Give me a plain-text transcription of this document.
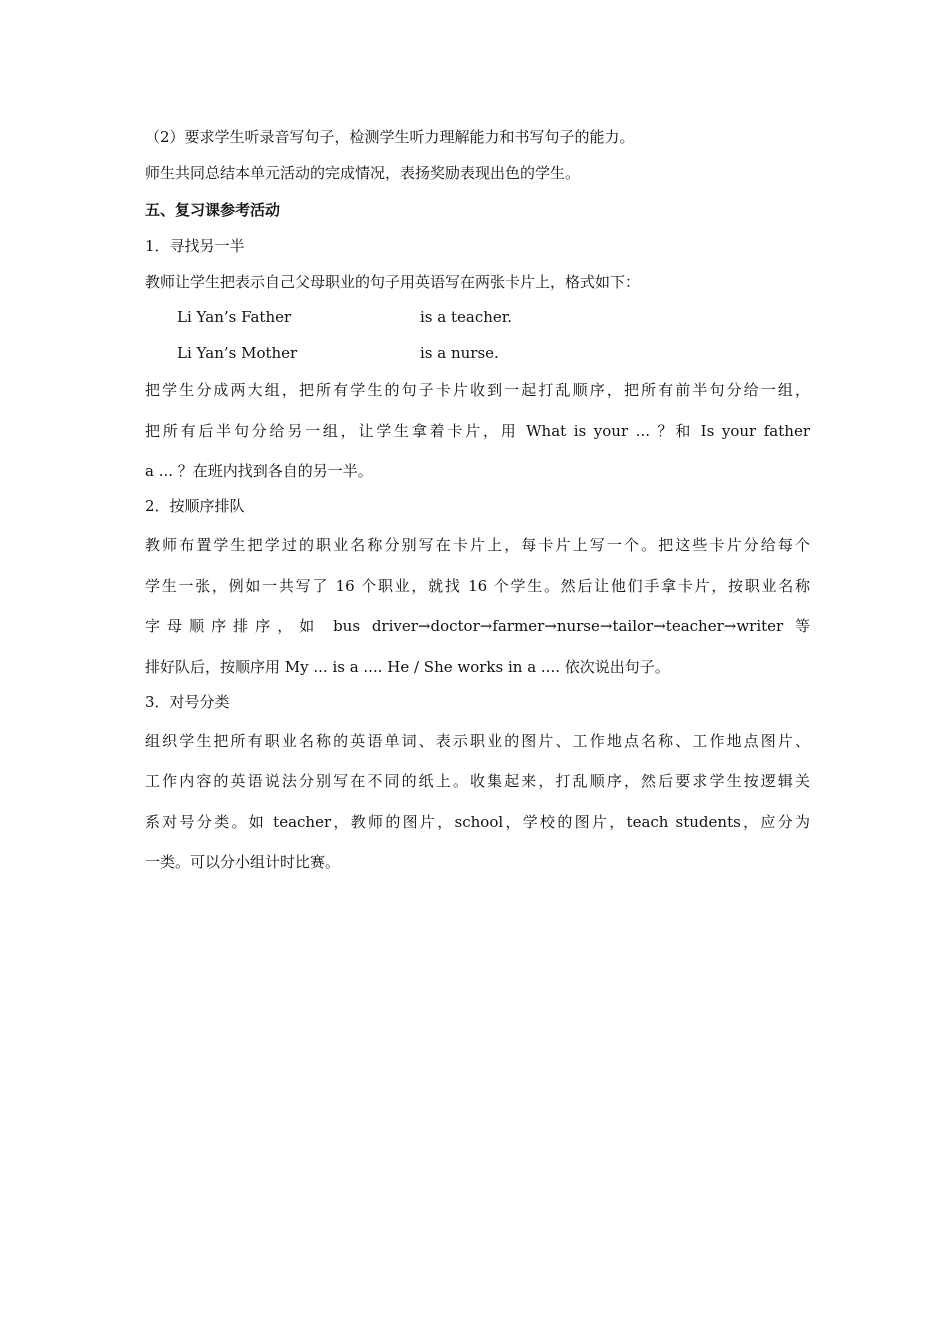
（2）要求学生听录音写句子，检测学生听力理解能力和书写句子的能力。
师生共同总结本单元活动的完成情况，表扬奖励表现出色的学生。
五、复习课参考活动
1．寻找另一半
教师让学生把表示自己父母职业的句子用英语写在两张卡片上，格式如下：
Li Yan’s Father	is a teacher.
Li Yan’s Mother	is a nurse.
把学生分成两大组，把所有学生的句子卡片收到一起打乱顺序，把所有前半句分给一组，
把所有后半句分给另一组，让学生拿着卡片，用 What is your ... ？和 Is your father
a ... ？在班内找到各自的另一半。
2．按顺序排队
教师布置学生把学过的职业名称分别写在卡片上，每卡片上写一个。把这些卡片分给每个
学生一张，例如一共写了 16 个职业，就找 16 个学生。然后让他们手拿卡片，按职业名称
字母顺序排序，如 bus driver→doctor→farmer→nurse→tailor→teacher→writer 等
排好队后，按顺序用 My ... is a .... He / She works in a .... 依次说出句子。
3．对号分类
组织学生把所有职业名称的英语单词、表示职业的图片、工作地点名称、工作地点图片、
工作内容的英语说法分别写在不同的纸上。收集起来，打乱顺序，然后要求学生按逻辑关
系对号分类。如 teacher，教师的图片，school，学校的图片，teach students，应分为
一类。可以分小组计时比赛。
